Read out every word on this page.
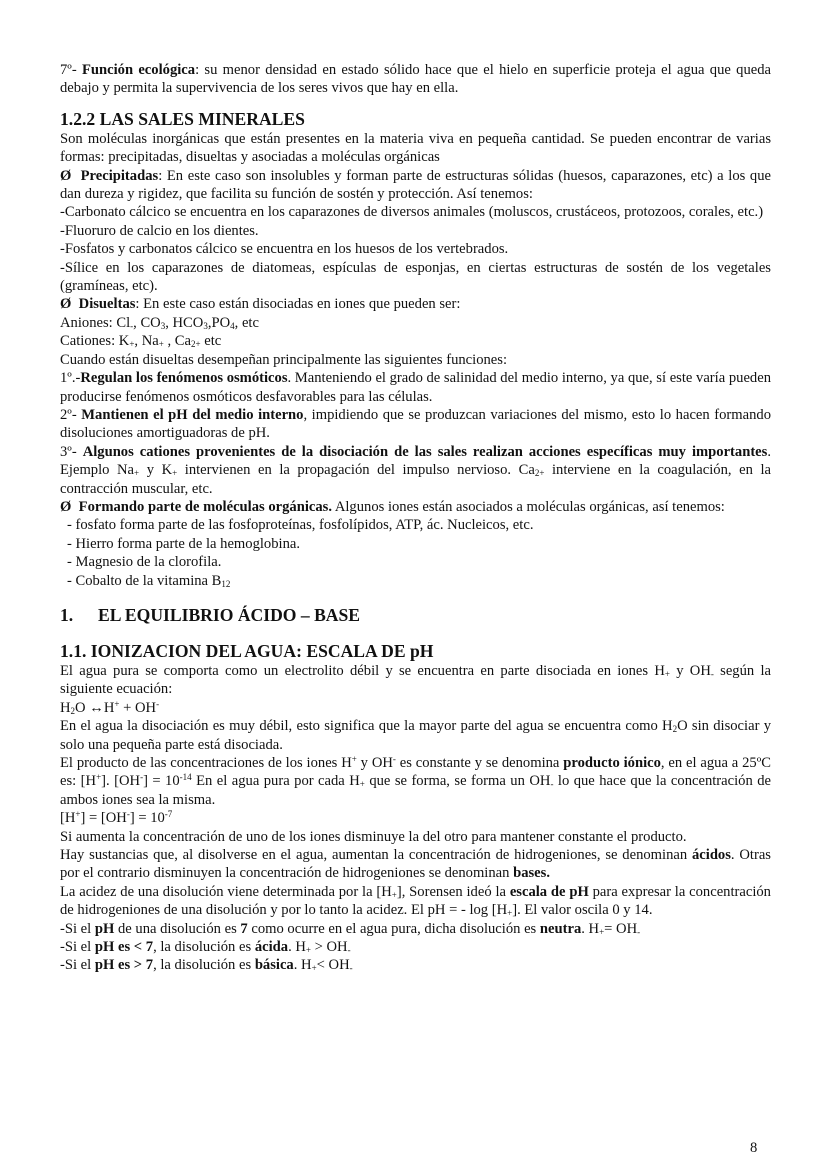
7º- Función ecológica: su menor densidad en estado sólido hace que el hielo en superficie proteja el agua que queda debajo y permita la supervivencia de los seres vivos que hay en ella.

1.2.2 LAS SALES MINERALES

Son moléculas inorgánicas que están presentes en la materia viva en pequeña cantidad. Se pueden encontrar de varias formas: precipitadas, disueltas y asociadas a moléculas orgánicas

Ø Precipitadas: En este caso son insolubles y forman parte de estructuras sólidas (huesos, caparazones, etc) a los que dan dureza y rigidez, que facilita su función de sostén y protección. Así tenemos:

-Carbonato cálcico se encuentra en los caparazones de diversos animales (moluscos, crustáceos, protozoos, corales, etc.)

-Fluoruro de calcio en los dientes.

-Fosfatos y carbonatos cálcico se encuentra en los huesos de los vertebrados.

-Sílice en los caparazones de diatomeas, espículas de esponjas, en ciertas estructuras de sostén de los vegetales (gramíneas, etc).

Ø Disueltas: En este caso están disociadas en iones que pueden ser:

Aniones: $Cl_-$, $CO_3$, $HCO_3,PO_4$, etc

Cationes: $K_+$, $Na_+$ , $Ca_{2+}$ etc

Cuando están disueltas desempeñan principalmente las siguientes funciones:

1º.-Regulan los fenómenos osmóticos. Manteniendo el grado de salinidad del medio interno, ya que, sí este varía pueden producirse fenómenos osmóticos desfavorables para las células.

2º- Mantienen el pH del medio interno, impidiendo que se produzcan variaciones del mismo, esto lo hacen formando disoluciones amortiguadoras de pH.

3º- Algunos cationes provenientes de la disociación de las sales realizan acciones específicas muy importantes. Ejemplo $Na_+$ y $K_+$ intervienen en la propagación del impulso nervioso. $Ca_{2+}$ interviene en la coagulación, en la contracción muscular, etc.

Ø Formando parte de moléculas orgánicas. Algunos iones están asociados a moléculas orgánicas, así tenemos:

- fosfato forma parte de las fosfoproteínas, fosfolípidos, ATP, ác. Nucleicos, etc.

- Hierro forma parte de la hemoglobina.

- Magnesio de la clorofila.

- Cobalto de la vitamina $B_{12}$

1. EL EQUILIBRIO ÁCIDO – BASE

1.1. IONIZACION DEL AGUA: ESCALA DE pH

El agua pura se comporta como un electrolito débil y se encuentra en parte disociada en iones $H_+$ y $OH_-$ según la siguiente ecuación:

$H_2O$ ↔H+ + OH-

En el agua la disociación es muy débil, esto significa que la mayor parte del agua se encuentra como $H_2O$ sin disociar y solo una pequeña parte está disociada.

El producto de las concentraciones de los iones H+ y OH- es constante y se denomina producto iónico, en el agua a 25ºC es: [H+]. $[OH^-] = 10^{-14}$ En el agua pura por cada $H_+$ que se forma, se forma un $OH_-$ lo que hace que la concentración de ambos iones sea la misma.

$[H^+] = [OH^-] = 10^{-7}$

Si aumenta la concentración de uno de los iones disminuye la del otro para mantener constante el producto.

Hay sustancias que, al disolverse en el agua, aumentan la concentración de hidrogeniones, se denominan ácidos. Otras por el contrario disminuyen la concentración de hidrogeniones se denominan bases.

La acidez de una disolución viene determinada por la $[H_+]$, Sorensen ideó la escala de pH para expresar la concentración de hidrogeniones de una disolución y por lo tanto la acidez. El pH = - $\log [H_+]$. El valor oscila 0 y 14.

-Si el pH de una disolución es 7 como ocurre en el agua pura, dicha disolución es neutra. $H_+= OH_-$

-Si el pH es < 7, la disolución es ácida. $H_+ > OH_-$

-Si el pH es > 7, la disolución es básica. $H_+< OH_-$

8
